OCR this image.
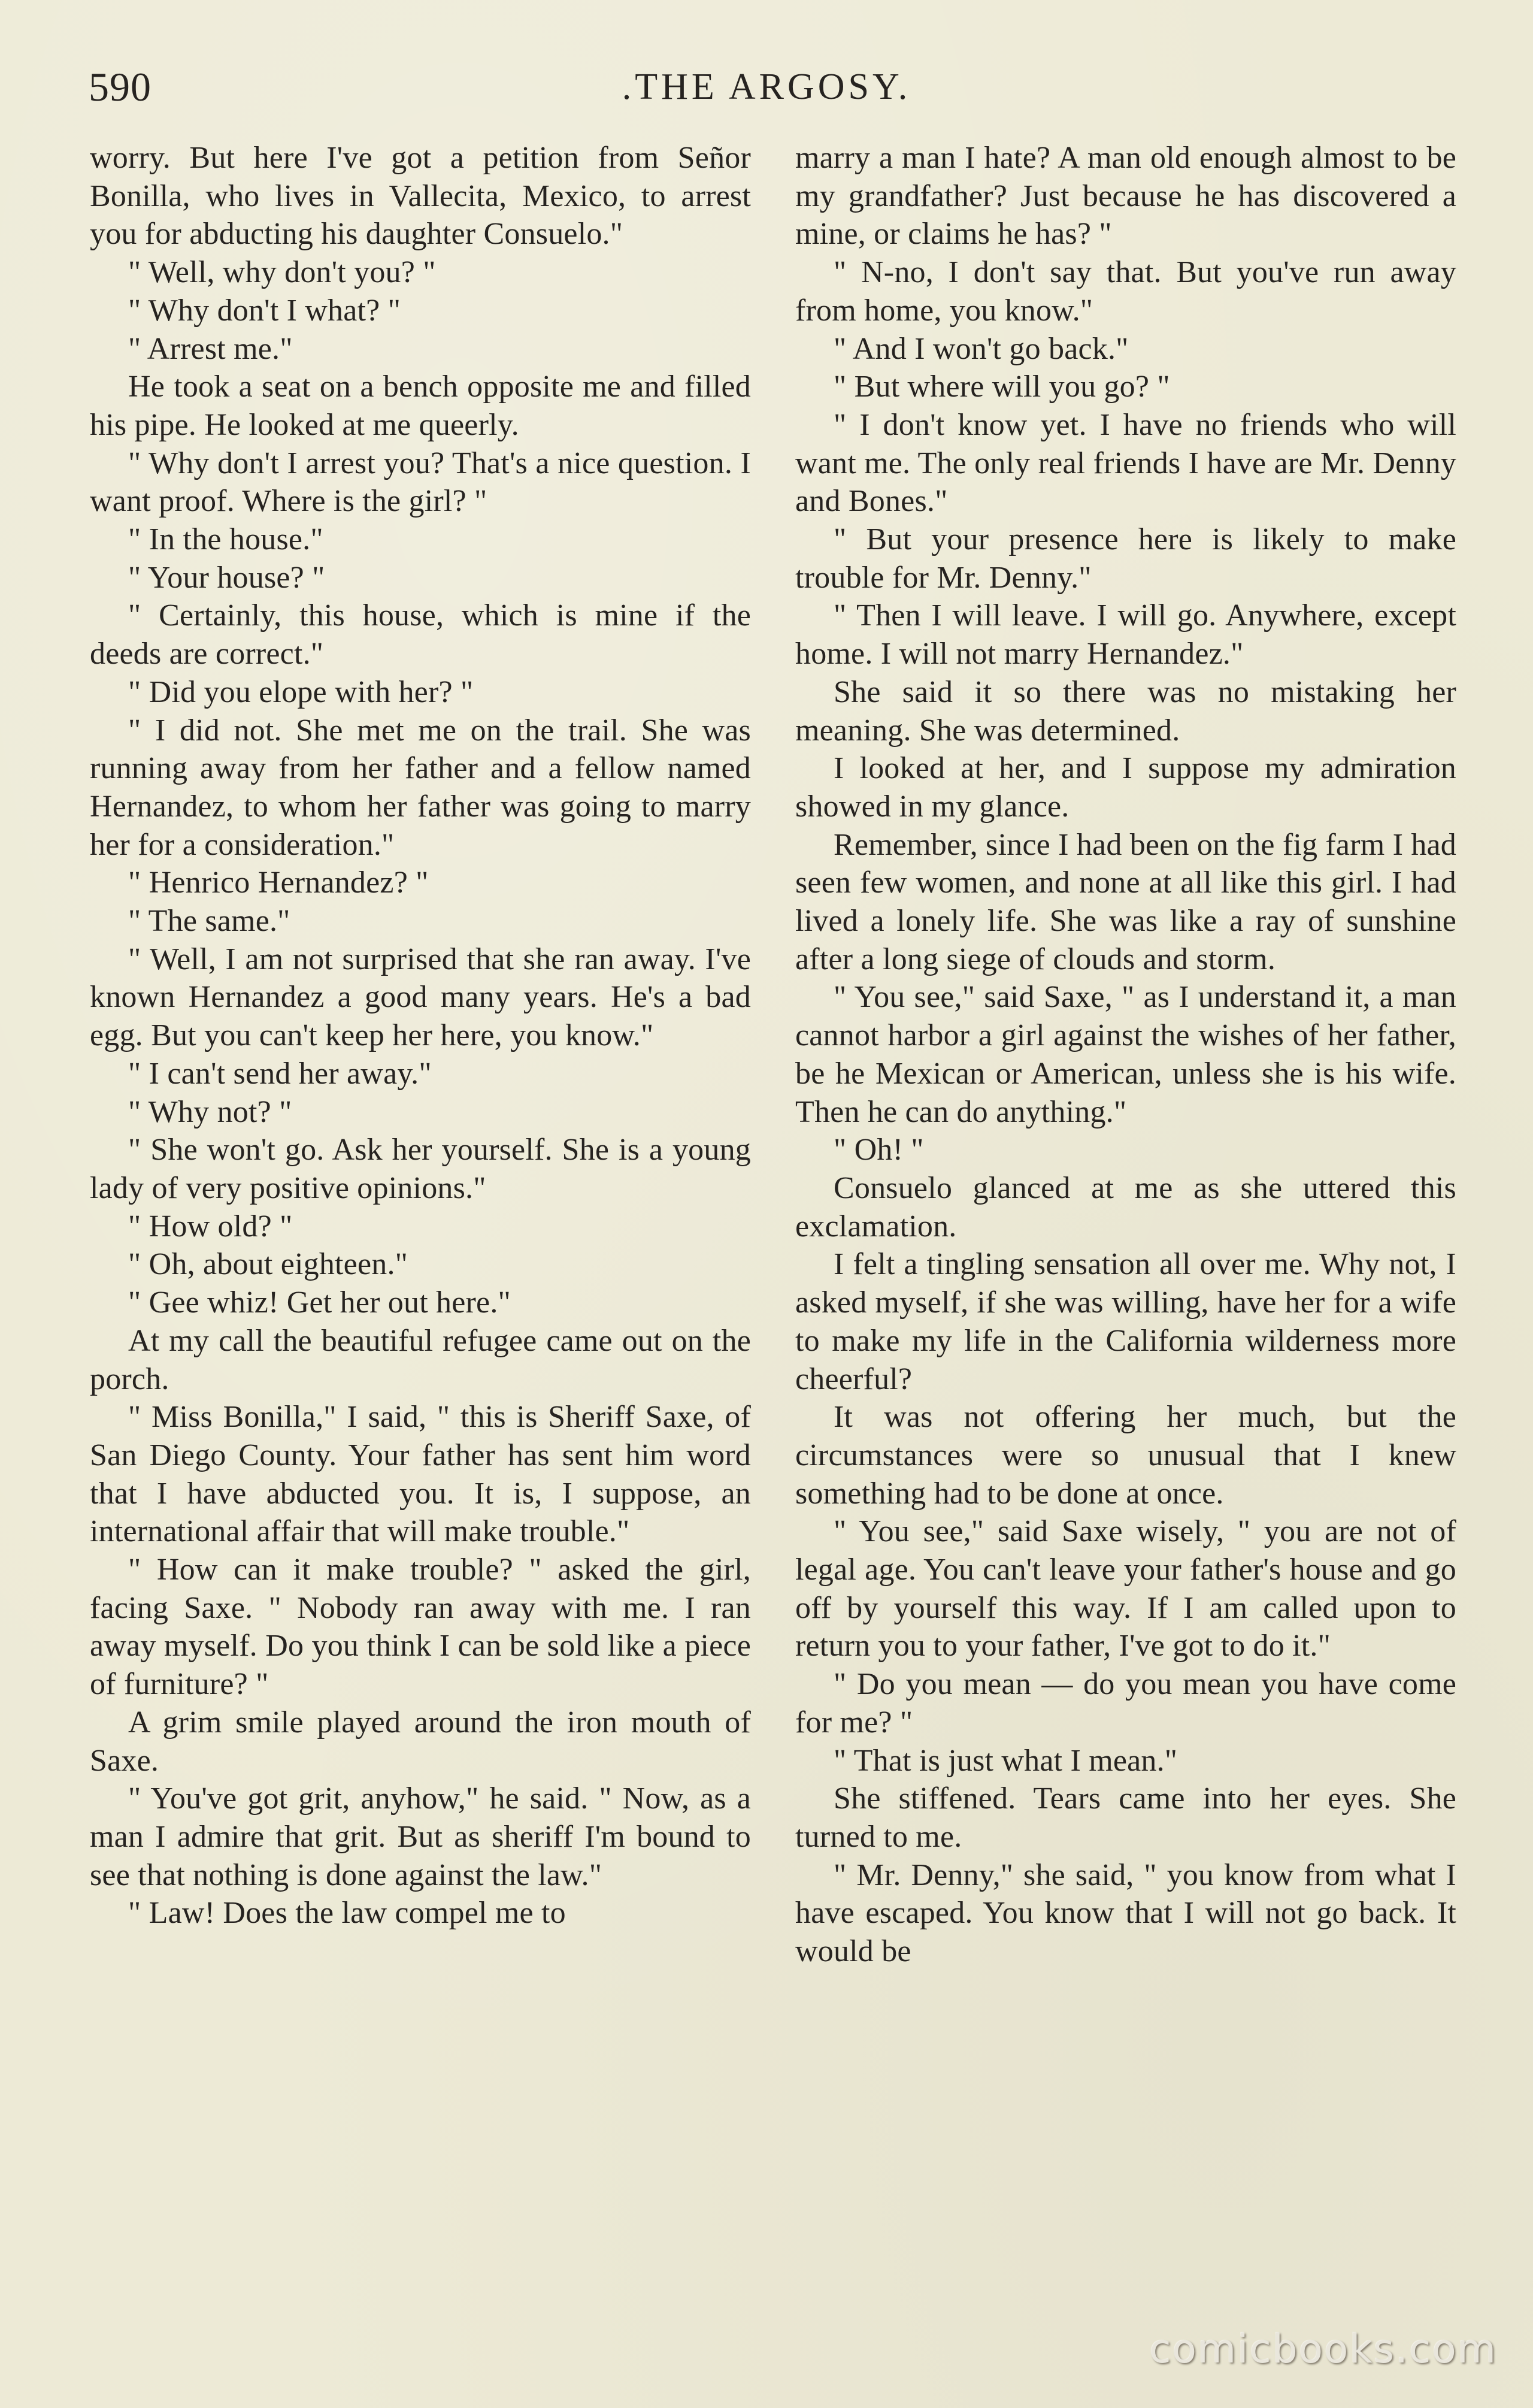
590	.THE ARGOSY.

worry. But here I've got a petition from Señor Bonilla, who lives in Vallecita, Mexico, to arrest you for abducting his daughter Consuelo."

" Well, why don't you? "

" Why don't I what? "

" Arrest me."

He took a seat on a bench opposite me and filled his pipe. He looked at me queerly.

" Why don't I arrest you? That's a nice question. I want proof. Where is the girl? "

" In the house."

" Your house? "

" Certainly, this house, which is mine if the deeds are correct."

" Did you elope with her? "

" I did not. She met me on the trail. She was running away from her father and a fellow named Hernandez, to whom her father was going to marry her for a consideration."

" Henrico Hernandez? "

" The same."

" Well, I am not surprised that she ran away. I've known Hernandez a good many years. He's a bad egg. But you can't keep her here, you know."

" I can't send her away."

" Why not? "

" She won't go. Ask her yourself. She is a young lady of very positive opinions."

" How old? "

" Oh, about eighteen."

" Gee whiz! Get her out here."

At my call the beautiful refugee came out on the porch.

" Miss Bonilla," I said, " this is Sheriff Saxe, of San Diego County. Your father has sent him word that I have abducted you. It is, I suppose, an international affair that will make trouble."

" How can it make trouble? " asked the girl, facing Saxe. " Nobody ran away with me. I ran away myself. Do you think I can be sold like a piece of furniture? "

A grim smile played around the iron mouth of Saxe.

" You've got grit, anyhow," he said. " Now, as a man I admire that grit. But as sheriff I'm bound to see that nothing is done against the law."

" Law! Does the law compel me to

marry a man I hate? A man old enough almost to be my grandfather? Just because he has discovered a mine, or claims he has? "

" N-no, I don't say that. But you've run away from home, you know."

" And I won't go back."

" But where will you go? "

" I don't know yet. I have no friends who will want me. The only real friends I have are Mr. Denny and Bones."

" But your presence here is likely to make trouble for Mr. Denny."

" Then I will leave. I will go. Anywhere, except home. I will not marry Hernandez."

She said it so there was no mistaking her meaning. She was determined.

I looked at her, and I suppose my admiration showed in my glance.

Remember, since I had been on the fig farm I had seen few women, and none at all like this girl. I had lived a lonely life. She was like a ray of sunshine after a long siege of clouds and storm.

" You see," said Saxe, " as I understand it, a man cannot harbor a girl against the wishes of her father, be he Mexican or American, unless she is his wife. Then he can do anything."

" Oh! "

Consuelo glanced at me as she uttered this exclamation.

I felt a tingling sensation all over me. Why not, I asked myself, if she was willing, have her for a wife to make my life in the California wilderness more cheerful?

It was not offering her much, but the circumstances were so unusual that I knew something had to be done at once.

" You see," said Saxe wisely, " you are not of legal age. You can't leave your father's house and go off by yourself this way. If I am called upon to return you to your father, I've got to do it."

" Do you mean — do you mean you have come for me? "

" That is just what I mean."

She stiffened. Tears came into her eyes. She turned to me.

" Mr. Denny," she said, " you know from what I have escaped. You know that I will not go back. It would be

comicbooks.com
